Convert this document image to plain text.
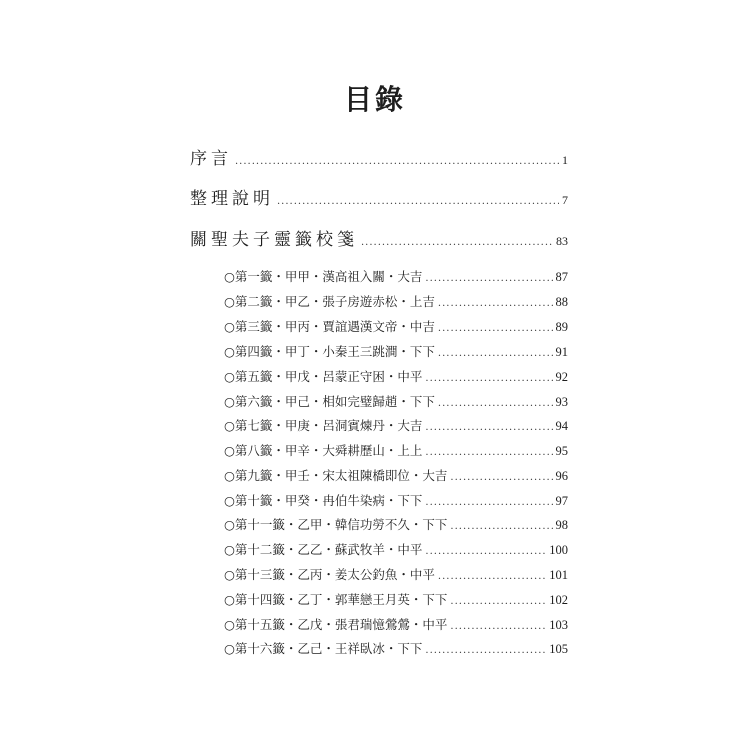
目錄
序言 .....	1
整理說明 .....	7
關聖夫子靈籤校箋 .....	83
○第一籤・甲甲・漢高祖入關・大吉 .....	87
○第二籤・甲乙・張子房遊赤松・上吉 .....	88
○第三籤・甲丙・賈誼遇漢文帝・中吉 .....	89
○第四籤・甲丁・小秦王三跳澗・下下 .....	91
○第五籤・甲戊・呂蒙正守困・中平 .....	92
○第六籤・甲己・相如完璧歸趙・下下 .....	93
○第七籤・甲庚・呂洞賓煉丹・大吉 .....	94
○第八籤・甲辛・大舜耕歷山・上上 .....	95
○第九籤・甲壬・宋太祖陳橋即位・大吉 .....	96
○第十籤・甲癸・冉伯牛染病・下下 .....	97
○第十一籤・乙甲・韓信功勞不久・下下 .....	98
○第十二籤・乙乙・蘇武牧羊・中平 .....	100
○第十三籤・乙丙・姜太公釣魚・中平 .....	101
○第十四籤・乙丁・郭華戀王月英・下下 .....	102
○第十五籤・乙戊・張君瑞憶鶯鶯・中平 .....	103
○第十六籤・乙己・王祥臥冰・下下 .....	105
